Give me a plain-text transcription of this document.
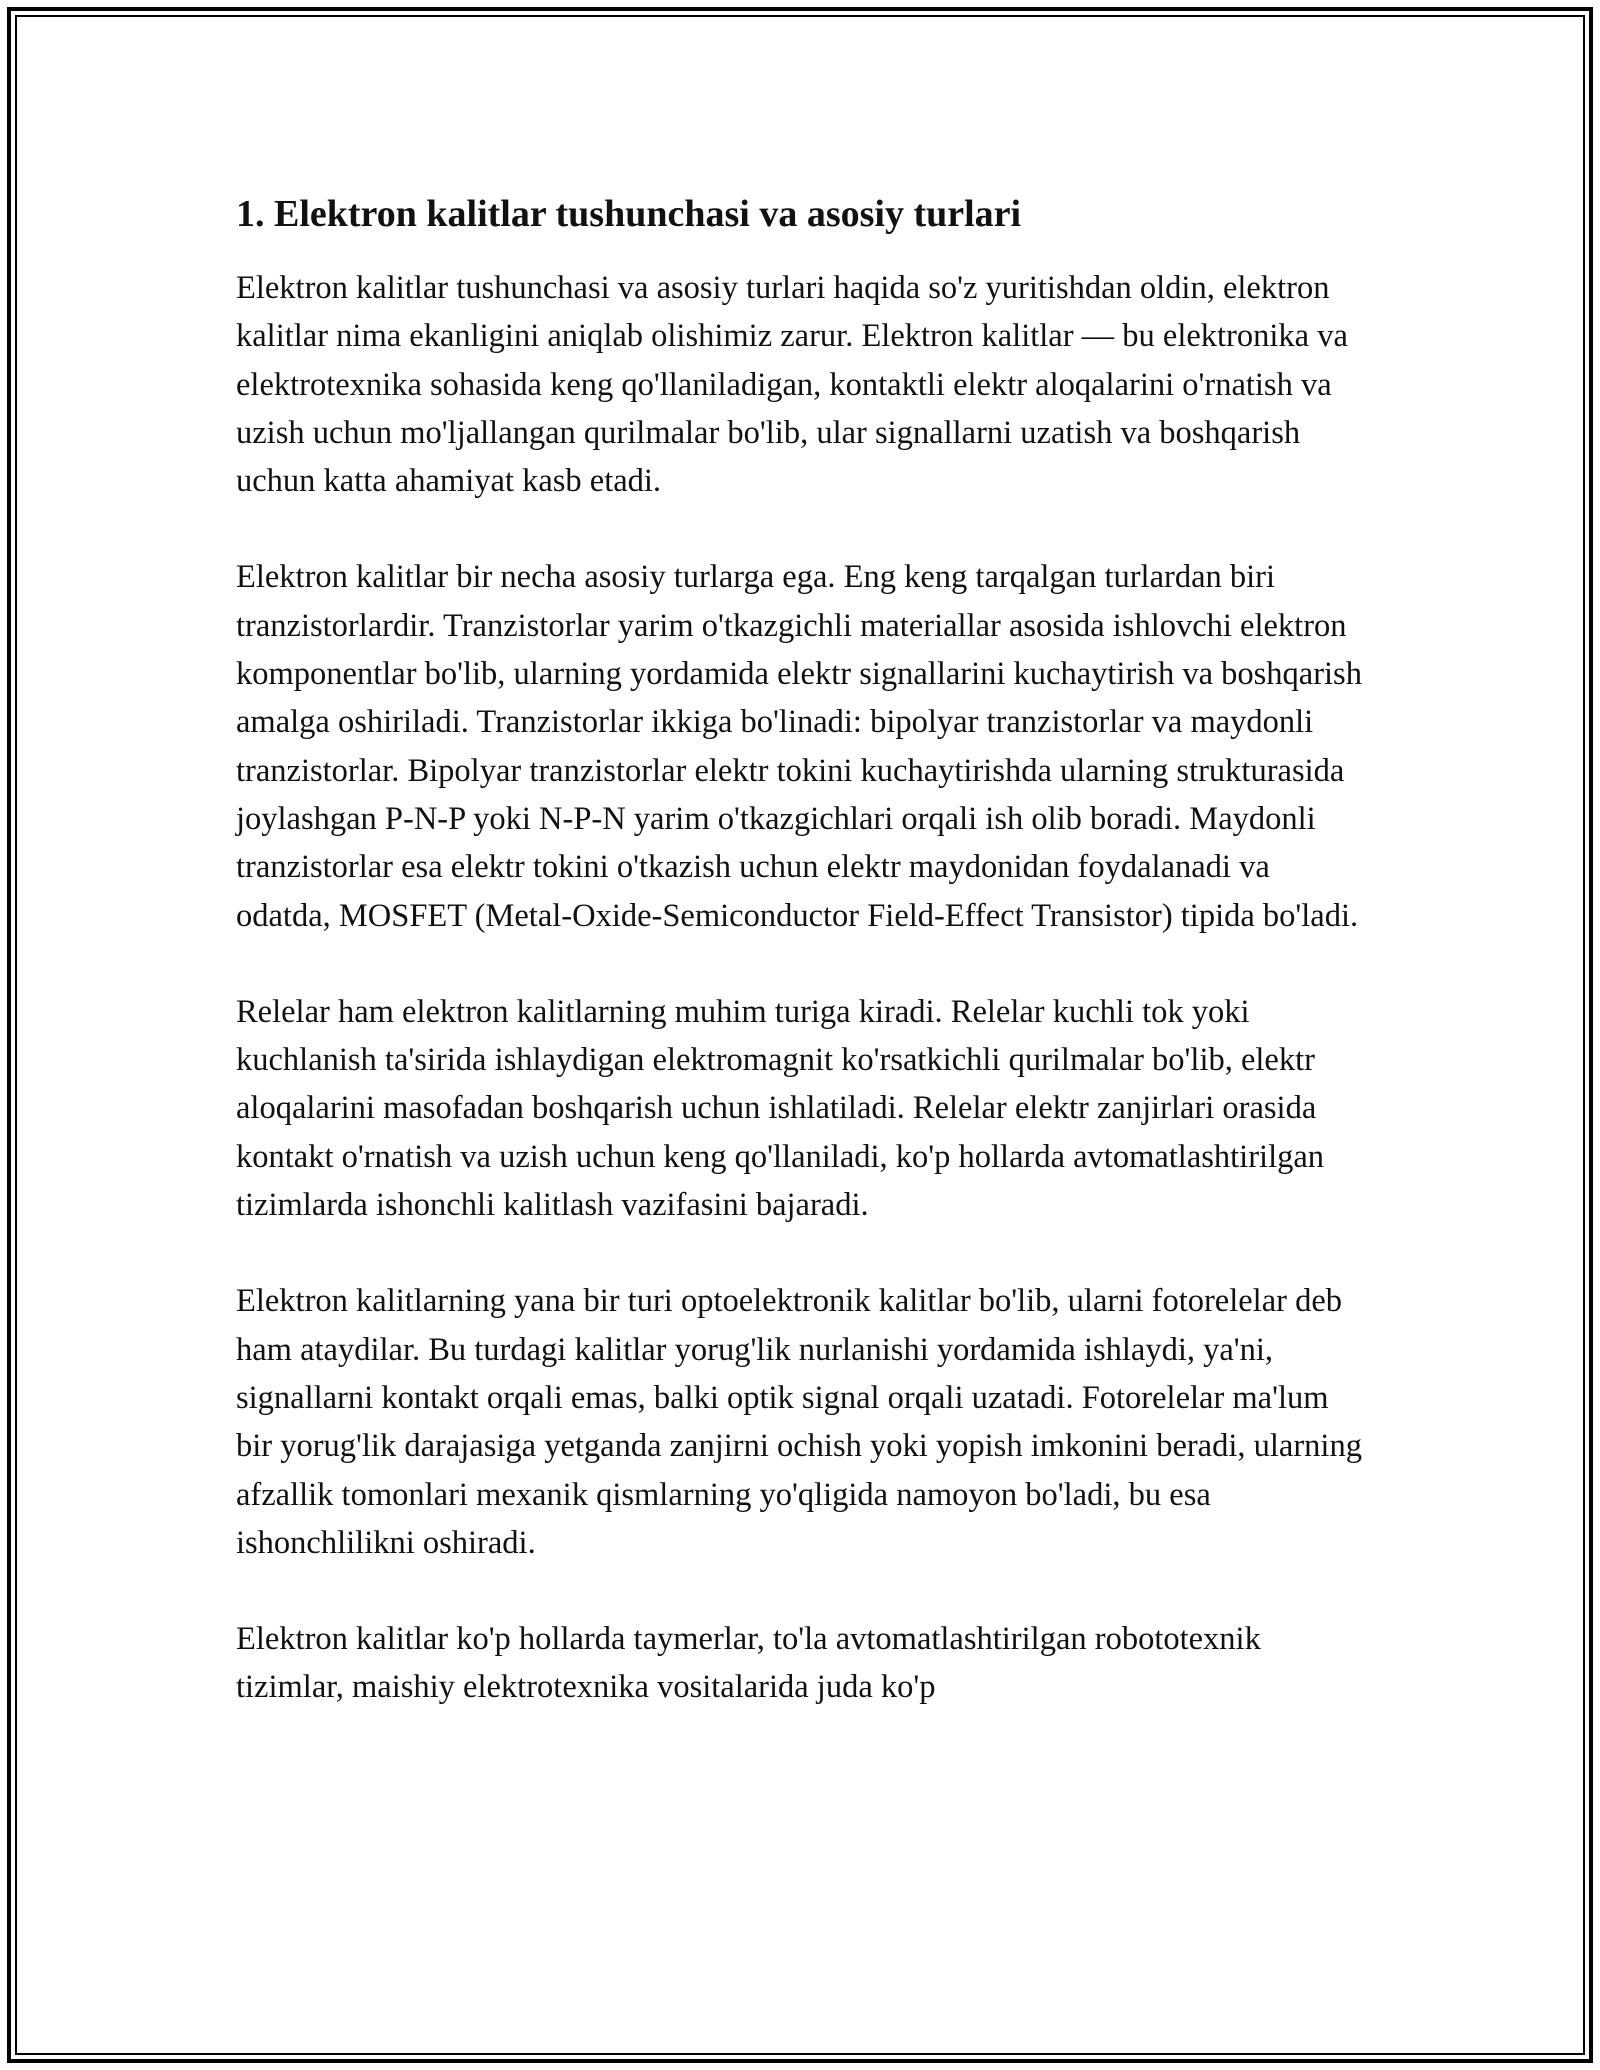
1. Elektron kalitlar tushunchasi va asosiy turlari

Elektron kalitlar tushunchasi va asosiy turlari haqida so'z yuritishdan oldin, elektron kalitlar nima ekanligini aniqlab olishimiz zarur. Elektron kalitlar — bu elektronika va elektrotexnika sohasida keng qo'llaniladigan, kontaktli elektr aloqalarini o'rnatish va uzish uchun mo'ljallangan qurilmalar bo'lib, ular signallarni uzatish va boshqarish uchun katta ahamiyat kasb etadi.

Elektron kalitlar bir necha asosiy turlarga ega. Eng keng tarqalgan turlardan biri tranzistorlardir. Tranzistorlar yarim o'tkazgichli materiallar asosida ishlovchi elektron komponentlar bo'lib, ularning yordamida elektr signallarini kuchaytirish va boshqarish amalga oshiriladi. Tranzistorlar ikkiga bo'linadi: bipolyar tranzistorlar va maydonli tranzistorlar. Bipolyar tranzistorlar elektr tokini kuchaytirishda ularning strukturasida joylashgan P-N-P yoki N-P-N yarim o'tkazgichlari orqali ish olib boradi. Maydonli tranzistorlar esa elektr tokini o'tkazish uchun elektr maydonidan foydalanadi va odatda, MOSFET (Metal-Oxide-Semiconductor Field-Effect Transistor) tipida bo'ladi.

Relelar ham elektron kalitlarning muhim turiga kiradi. Relelar kuchli tok yoki kuchlanish ta'sirida ishlaydigan elektromagnit ko'rsatkichli qurilmalar bo'lib, elektr aloqalarini masofadan boshqarish uchun ishlatiladi. Relelar elektr zanjirlari orasida kontakt o'rnatish va uzish uchun keng qo'llaniladi, ko'p hollarda avtomatlashtirilgan tizimlarda ishonchli kalitlash vazifasini bajaradi.

Elektron kalitlarning yana bir turi optoelektronik kalitlar bo'lib, ularni fotorelelar deb ham ataydilar. Bu turdagi kalitlar yorug'lik nurlanishi yordamida ishlaydi, ya'ni, signallarni kontakt orqali emas, balki optik signal orqali uzatadi. Fotorelelar ma'lum bir yorug'lik darajasiga yetganda zanjirni ochish yoki yopish imkonini beradi, ularning afzallik tomonlari mexanik qismlarning yo'qligida namoyon bo'ladi, bu esa ishonchlilikni oshiradi.

Elektron kalitlar ko'p hollarda taymerlar, to'la avtomatlashtirilgan robototexnik tizimlar, maishiy elektrotexnika vositalarida juda ko'p
